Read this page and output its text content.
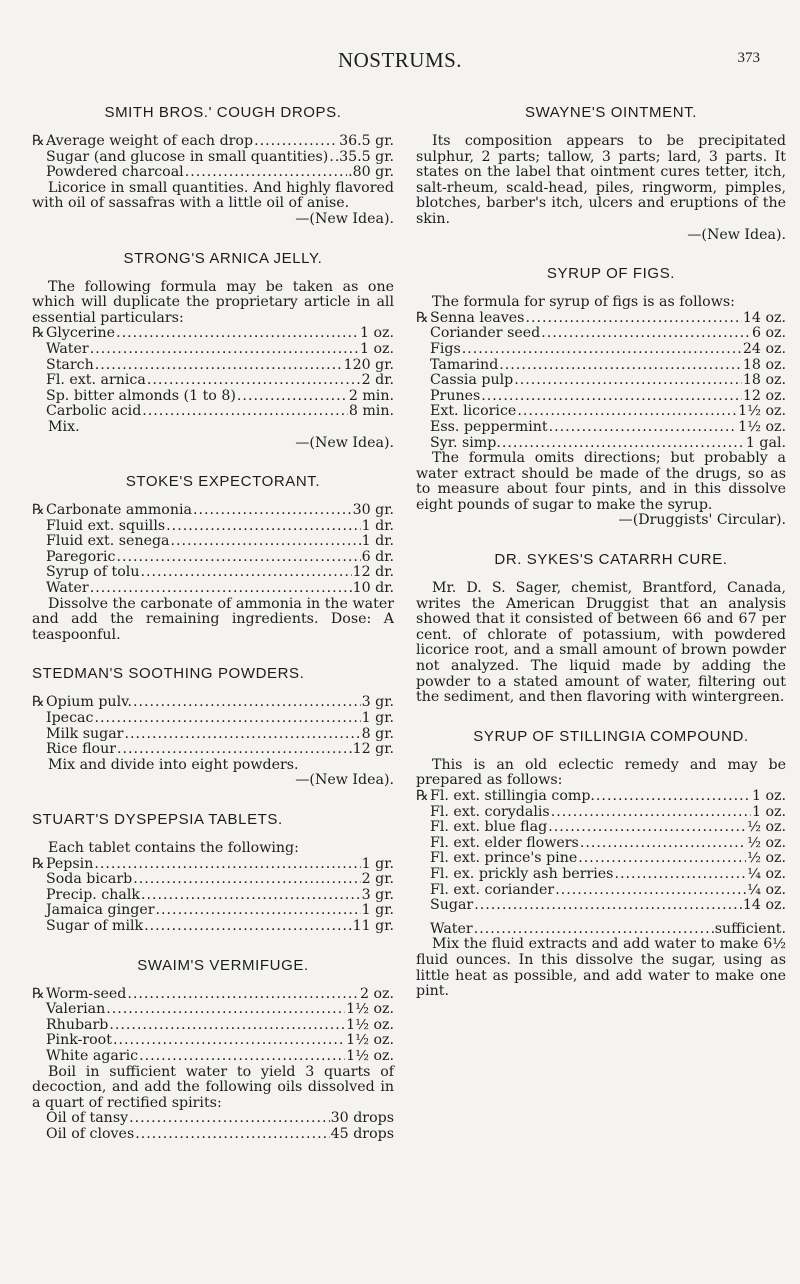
NOSTRUMS.	373
SMITH BROS.' COUGH DROPS.
℞ Average weight of each drop .....	36.5 gr.
Sugar (and glucose in small quantities) ..... 35.5 gr.
Powdered charcoal .....	.80 gr.

Licorice in small quantities. And highly flavored with oil of sassafras with a little oil of anise.

—(New Idea).

STRONG'S ARNICA JELLY.

The following formula may be taken as one which will duplicate the proprietary article in all essential particulars:

℞ Glycerine .....	1 oz.
Water .....	1 oz.
Starch .....	120 gr.
Fl. ext. arnica .....	2 dr.
Sp. bitter almonds (1 to 8) .....	2 min.
Carbolic acid .....	8 min.

Mix.

—(New Idea).

STOKE'S EXPECTORANT.
℞ Carbonate ammonia .....	30 gr.
Fluid ext. squills .....	1 dr.
Fluid ext. senega .....	1 dr.
Paregoric .....	6 dr.
Syrup of tolu .....	12 dr.
Water .....	10 dr.

Dissolve the carbonate of ammonia in the water and add the remaining ingredients. Dose: A teaspoonful.

STEDMAN'S SOOTHING POWDERS.
℞ Opium pulv. .....	3 gr.
Ipecac .....	1 gr.
Milk sugar .....	8 gr.
Rice flour .....	12 gr.

Mix and divide into eight powders.

—(New Idea).

STUART'S DYSPEPSIA TABLETS.

Each tablet contains the following:

℞ Pepsin .....	1 gr.
Soda bicarb .....	2 gr.
Precip. chalk .....	3 gr.
Jamaica ginger .....	1 gr.
Sugar of milk .....	11 gr.
SWAIM'S VERMIFUGE.
℞ Worm-seed .....	2 oz.
Valerian .....	1½ oz.
Rhubarb .....	1½ oz.
Pink-root .....	1½ oz.
White agaric .....	1½ oz.

Boil in sufficient water to yield 3 quarts of decoction, and add the following oils dissolved in a quart of rectified spirits:

Oil of tansy .....	30 drops
Oil of cloves .....	45 drops
SWAYNE'S OINTMENT.

Its composition appears to be precipitated sulphur, 2 parts; tallow, 3 parts; lard, 3 parts. It states on the label that ointment cures tetter, itch, salt-rheum, scald-head, piles, ringworm, pimples, blotches, barber's itch, ulcers and eruptions of the skin.

—(New Idea).

SYRUP OF FIGS.

The formula for syrup of figs is as follows:

℞ Senna leaves .....	14 oz.
Coriander seed .....	6 oz.
Figs .....	24 oz.
Tamarind .....	18 oz.
Cassia pulp .....	18 oz.
Prunes .....	12 oz.
Ext. licorice .....	1½ oz.
Ess. peppermint .....	1½ oz.
Syr. simp. .....	1 gal.

The formula omits directions; but probably a water extract should be made of the drugs, so as to measure about four pints, and in this dissolve eight pounds of sugar to make the syrup.

—(Druggists' Circular).

DR. SYKES'S CATARRH CURE.

Mr. D. S. Sager, chemist, Brantford, Canada, writes the American Druggist that an analysis showed that it consisted of between 66 and 67 per cent. of chlorate of potassium, with powdered licorice root, and a small amount of brown powder not analyzed. The liquid made by adding the powder to a stated amount of water, filtering out the sediment, and then flavoring with wintergreen.

SYRUP OF STILLINGIA COMPOUND.

This is an old eclectic remedy and may be prepared as follows:

℞ Fl. ext. stillingia comp. .....	1 oz.
Fl. ext. corydalis .....	1 oz.
Fl. ext. blue flag .....	½ oz.
Fl. ext. elder flowers .....	½ oz.
Fl. ext. prince's pine .....	½ oz.
Fl. ex. prickly ash berries .....	¼ oz.
Fl. ext. coriander .....	¼ oz.
Sugar .....	14 oz.
Water .....	sufficient.

Mix the fluid extracts and add water to make 6½ fluid ounces. In this dissolve the sugar, using as little heat as possible, and add water to make one pint.
